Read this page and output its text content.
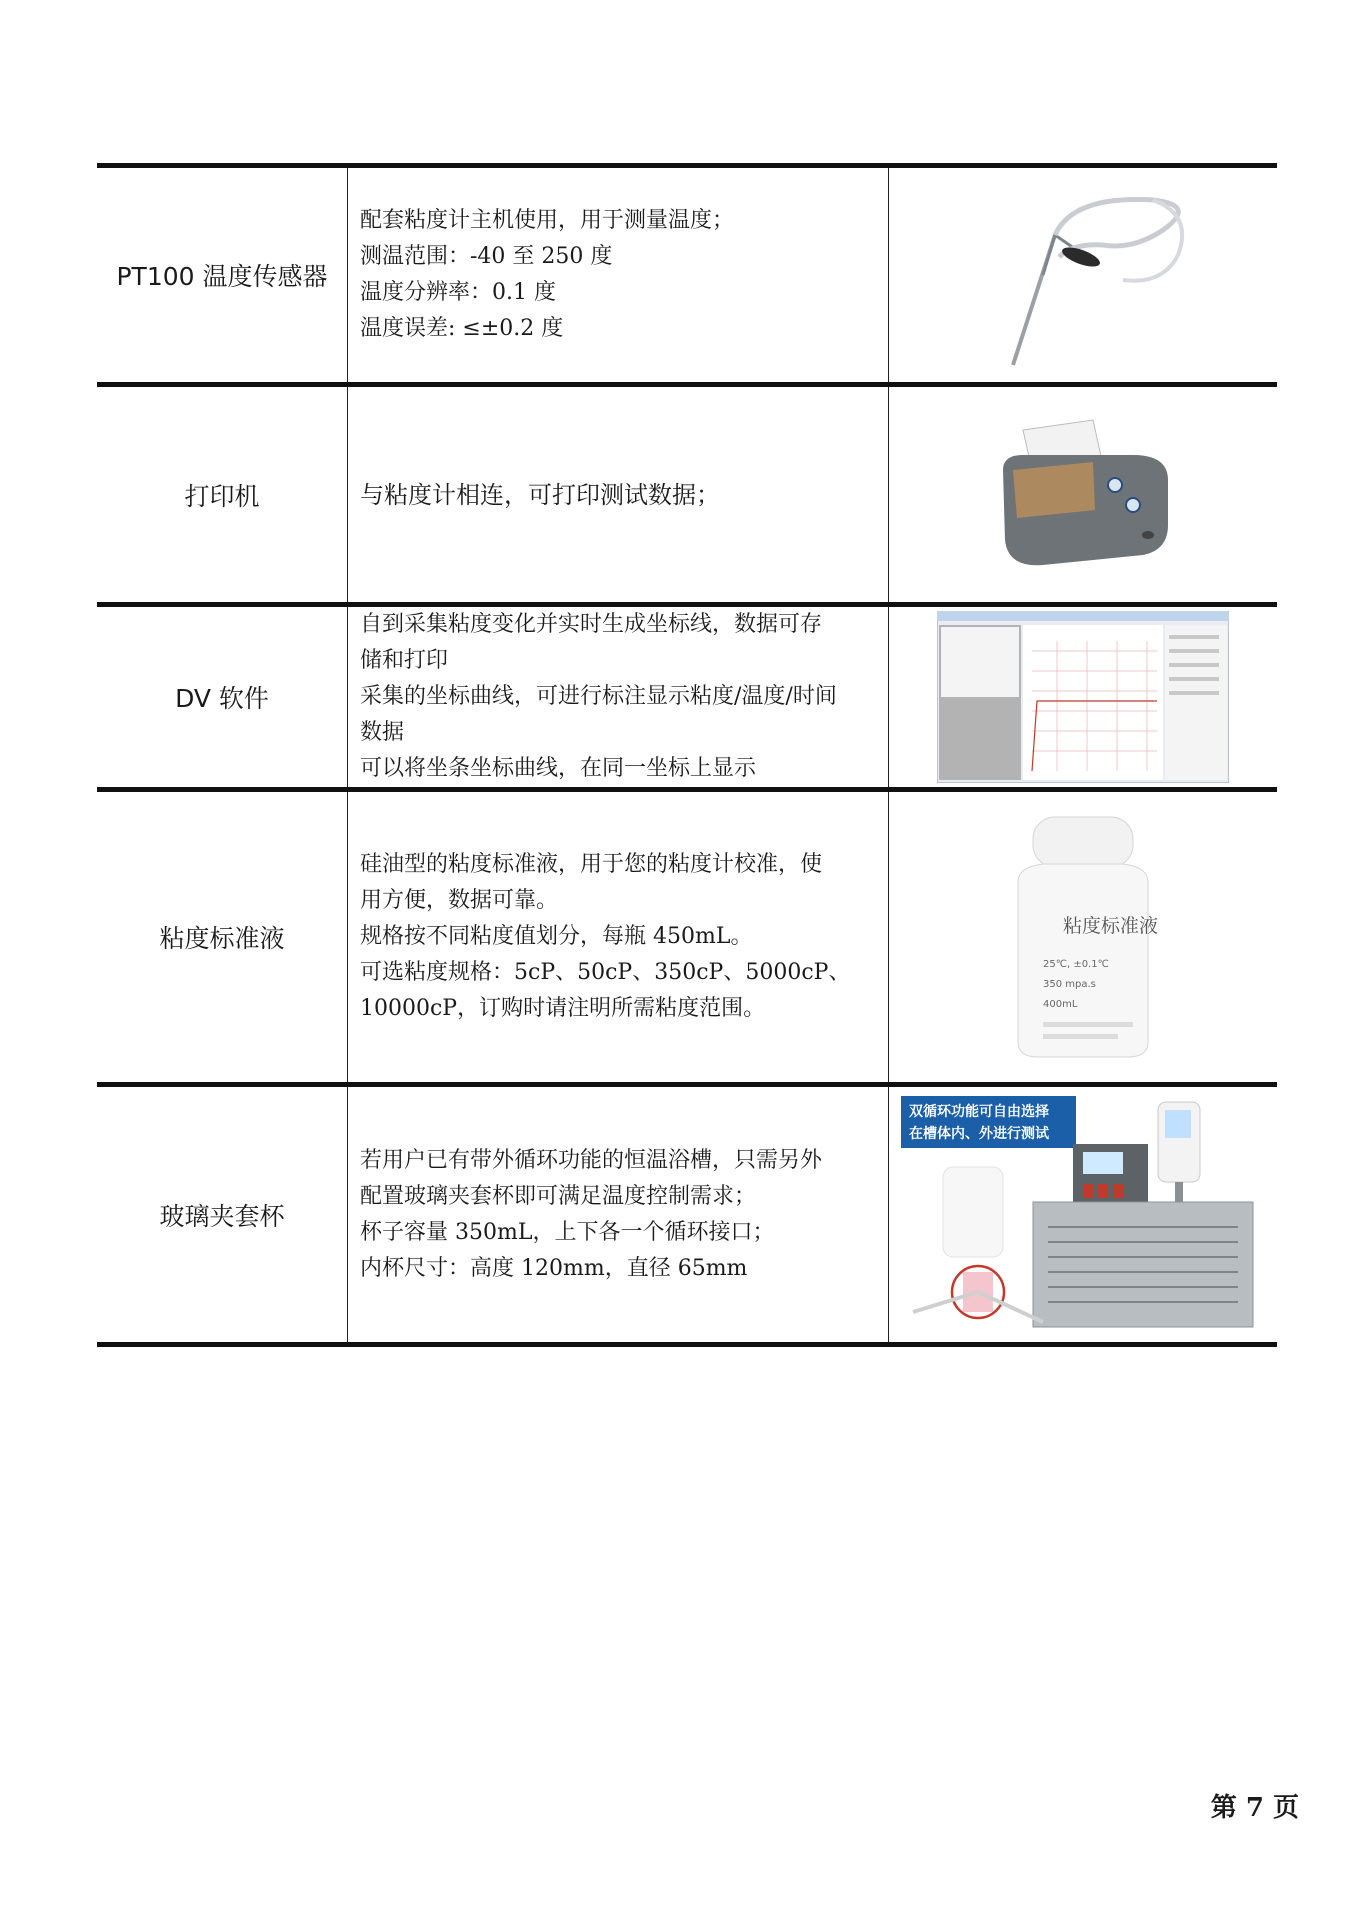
PT100 温度传感器
配套粘度计主机使用，用于测量温度；
测温范围：-40 至 250 度
温度分辨率：0.1 度
温度误差: ≤±0.2 度
打印机	与粘度计相连，可打印测试数据；
DV 软件
自到采集粘度变化并实时生成坐标线，数据可存
储和打印
采集的坐标曲线，可进行标注显示粘度/温度/时间
数据
可以将坐条坐标曲线，在同一坐标上显示
粘度标准液
硅油型的粘度标准液，用于您的粘度计校准，使
用方便，数据可靠。
规格按不同粘度值划分，每瓶 450mL。
可选粘度规格：5cP、50cP、350cP、5000cP、
10000cP，订购时请注明所需粘度范围。
粘度标准液
25℃, ±0.1℃
350 mpa.s
400mL
玻璃夹套杯
若用户已有带外循环功能的恒温浴槽，只需另外
配置玻璃夹套杯即可满足温度控制需求；
杯子容量 350mL，上下各一个循环接口；
内杯尺寸：高度 120mm，直径 65mm
双循环功能可自由选择
在槽体内、外进行测试
第 7 页
